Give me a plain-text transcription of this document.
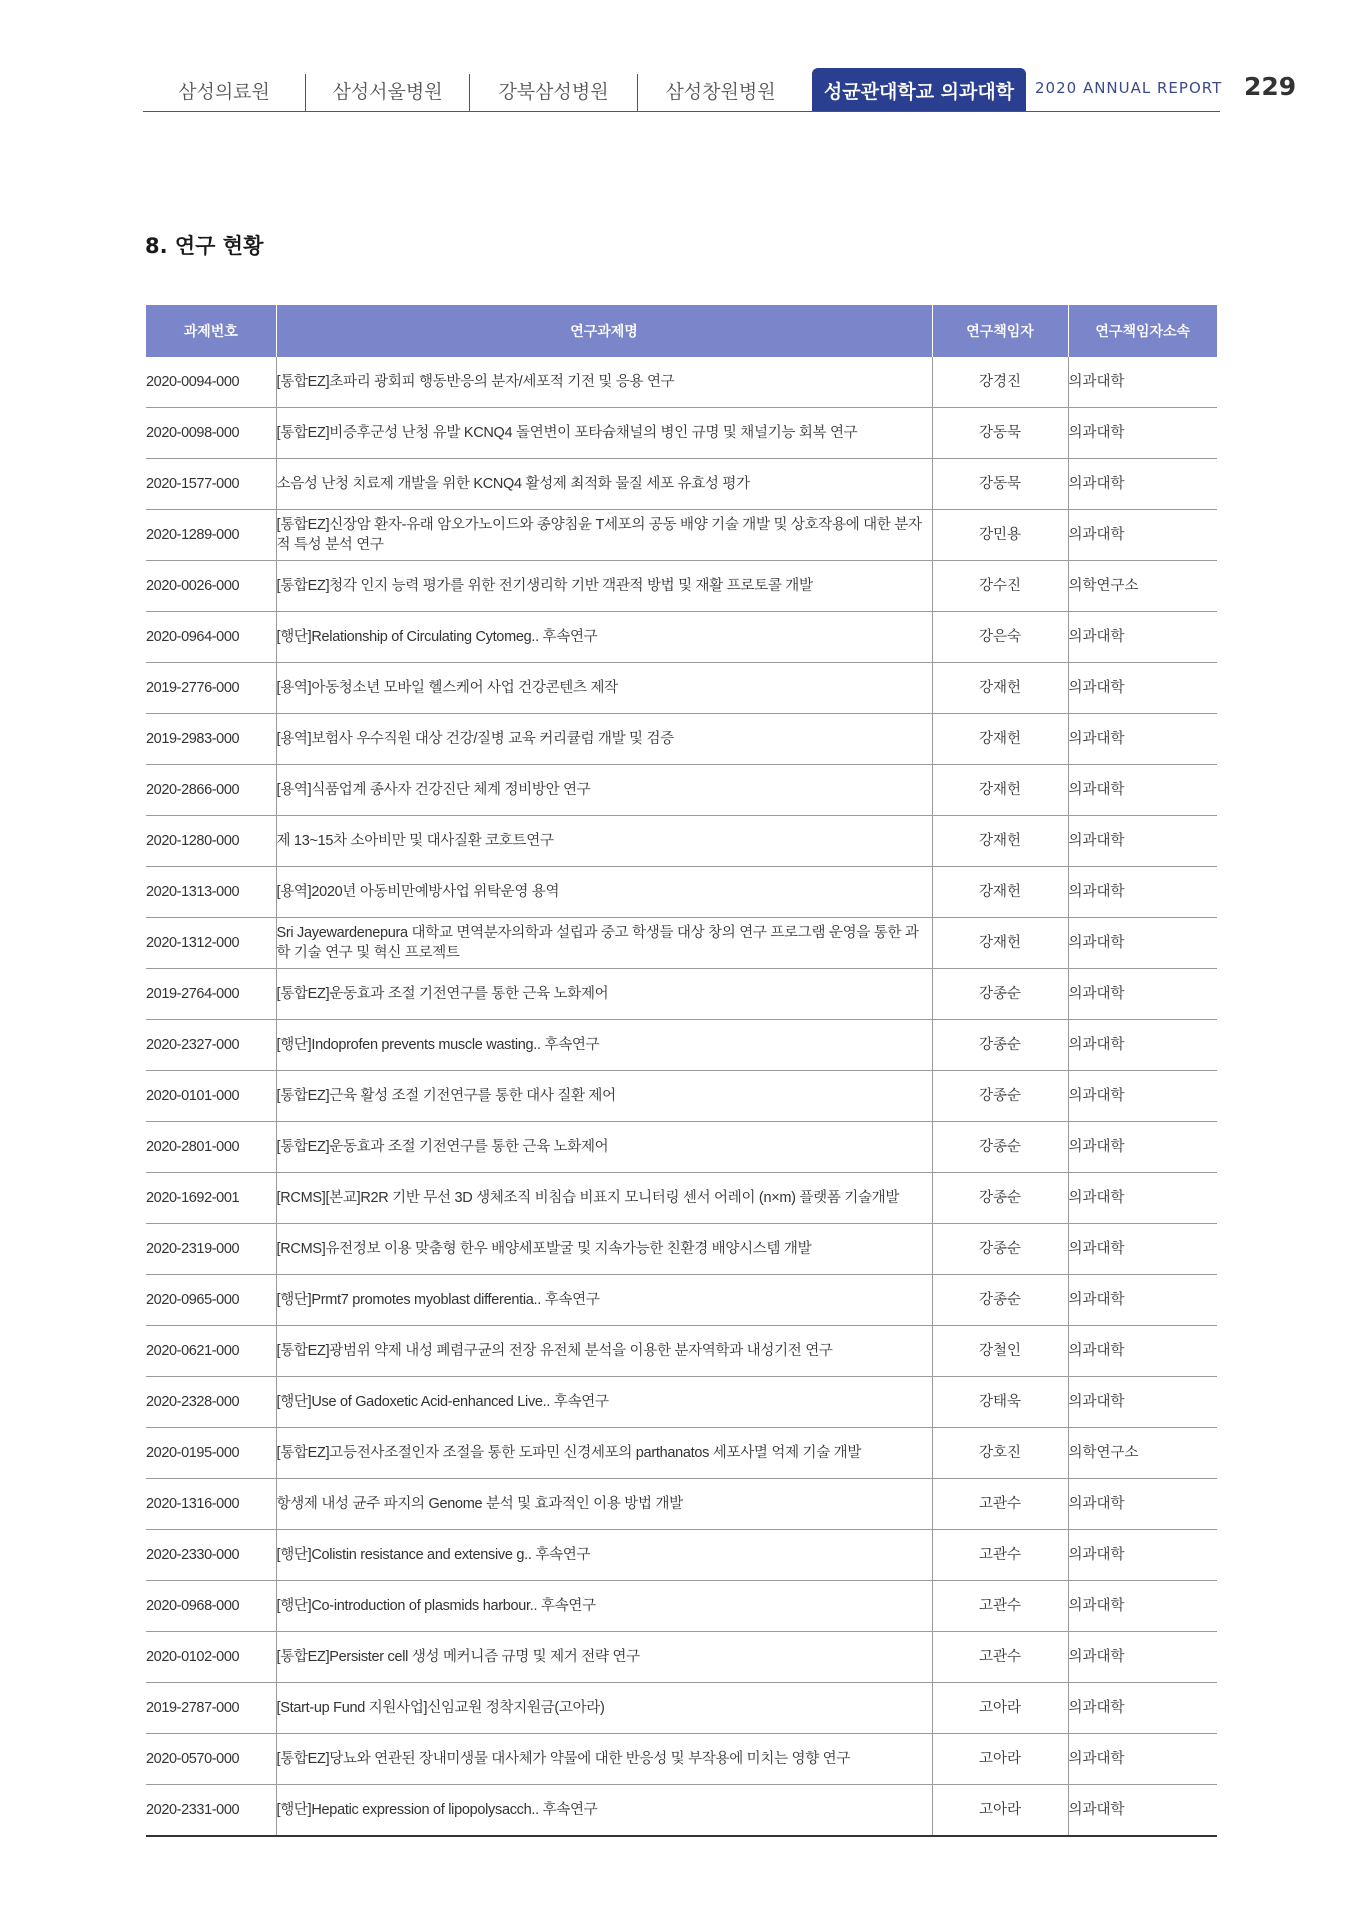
삼성의료원	삼성서울병원	강북삼성병원	삼성창원병원	성균관대학교 의과대학	2020 ANNUAL REPORT 229
8. 연구 현황
과제번호	연구과제명	연구책임자	연구책임자소속
2020-0094-000	[통합EZ]초파리 광회피 행동반응의 분자/세포적 기전 및 응용 연구	강경진	의과대학
2020-0098-000	[통합EZ]비증후군성 난청 유발 KCNQ4 돌연변이 포타슘채널의 병인 규명 및 채널기능 회복 연구	강동묵	의과대학
2020-1577-000	소음성 난청 치료제 개발을 위한 KCNQ4 활성제 최적화 물질 세포 유효성 평가	강동묵	의과대학
2020-1289-000	[통합EZ]신장암 환자-유래 암오가노이드와 종양침윤 T세포의 공동 배양 기술 개발 및 상호작용에 대한 분자적 특성 분석 연구	강민용	의과대학
2020-0026-000	[통합EZ]청각 인지 능력 평가를 위한 전기생리학 기반 객관적 방법 및 재활 프로토콜 개발	강수진	의학연구소
2020-0964-000	[행단]Relationship of Circulating Cytomeg.. 후속연구	강은숙	의과대학
2019-2776-000	[용역]아동청소년 모바일 헬스케어 사업 건강콘텐츠 제작	강재헌	의과대학
2019-2983-000	[용역]보험사 우수직원 대상 건강/질병 교육 커리큘럼 개발 및 검증	강재헌	의과대학
2020-2866-000	[용역]식품업계 종사자 건강진단 체계 정비방안 연구	강재헌	의과대학
2020-1280-000	제 13~15차 소아비만 및 대사질환 코호트연구	강재헌	의과대학
2020-1313-000	[용역]2020년 아동비만예방사업 위탁운영 용역	강재헌	의과대학
2020-1312-000	Sri Jayewardenepura 대학교 면역분자의학과 설립과 중고 학생들 대상 창의 연구 프로그램 운영을 통한 과학 기술 연구 및 혁신 프로젝트	강재헌	의과대학
2019-2764-000	[통합EZ]운동효과 조절 기전연구를 통한 근육 노화제어	강종순	의과대학
2020-2327-000	[행단]Indoprofen prevents muscle wasting.. 후속연구	강종순	의과대학
2020-0101-000	[통합EZ]근육 활성 조절 기전연구를 통한 대사 질환 제어	강종순	의과대학
2020-2801-000	[통합EZ]운동효과 조절 기전연구를 통한 근육 노화제어	강종순	의과대학
2020-1692-001	[RCMS][본교]R2R 기반 무선 3D 생체조직 비침습 비표지 모니터링 센서 어레이 (n×m) 플랫폼 기술개발	강종순	의과대학
2020-2319-000	[RCMS]유전정보 이용 맞춤형 한우 배양세포발굴 및 지속가능한 친환경 배양시스템 개발	강종순	의과대학
2020-0965-000	[행단]Prmt7 promotes myoblast differentia.. 후속연구	강종순	의과대학
2020-0621-000	[통합EZ]광범위 약제 내성 폐렴구균의 전장 유전체 분석을 이용한 분자역학과 내성기전 연구	강철인	의과대학
2020-2328-000	[행단]Use of Gadoxetic Acid-enhanced Live.. 후속연구	강태욱	의과대학
2020-0195-000	[통합EZ]고등전사조절인자 조절을 통한 도파민 신경세포의 parthanatos 세포사멸 억제 기술 개발	강호진	의학연구소
2020-1316-000	항생제 내성 균주 파지의 Genome 분석 및 효과적인 이용 방법 개발	고관수	의과대학
2020-2330-000	[행단]Colistin resistance and extensive g.. 후속연구	고관수	의과대학
2020-0968-000	[행단]Co-introduction of plasmids harbour.. 후속연구	고관수	의과대학
2020-0102-000	[통합EZ]Persister cell 생성 메커니즘 규명 및 제거 전략 연구	고관수	의과대학
2019-2787-000	[Start-up Fund 지원사업]신임교원 정착지원금(고아라)	고아라	의과대학
2020-0570-000	[통합EZ]당뇨와 연관된 장내미생물 대사체가 약물에 대한 반응성 및 부작용에 미치는 영향 연구	고아라	의과대학
2020-2331-000	[행단]Hepatic expression of lipopolysacch.. 후속연구	고아라	의과대학
